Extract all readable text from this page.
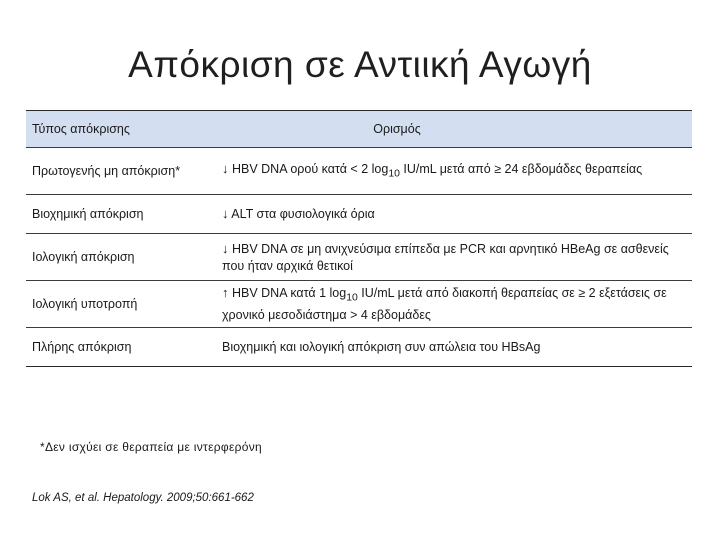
Απόκριση σε Αντιική Αγωγή
Τύπος απόκρισης	Ορισμός
Πρωτογενής μη απόκριση*	↓ HBV DNA ορού κατά < 2 $\log_{10} IU/mL$ μετά από ≥ 24 εβδομάδες θεραπείας
Βιοχημική απόκριση	↓ ALT στα φυσιολογικά όρια
Ιολογική απόκριση	↓ HBV DNA σε μη ανιχνεύσιμα επίπεδα με PCR και αρνητικό HBeAg σε ασθενείς που ήταν αρχικά θετικοί
Ιολογική υποτροπή	↑ HBV DNA κατά 1 $\log_{10} IU/mL$ μετά από διακοπή θεραπείας σε ≥ 2 εξετάσεις σε χρονικό μεσοδιάστημα > 4 εβδομάδες
Πλήρης απόκριση	Βιοχημική και ιολογική απόκριση συν απώλεια του HBsAg
*Δεν ισχύει σε θεραπεία με ιντερφερόνη
Lok AS, et al. Hepatology. 2009;50:661-662
